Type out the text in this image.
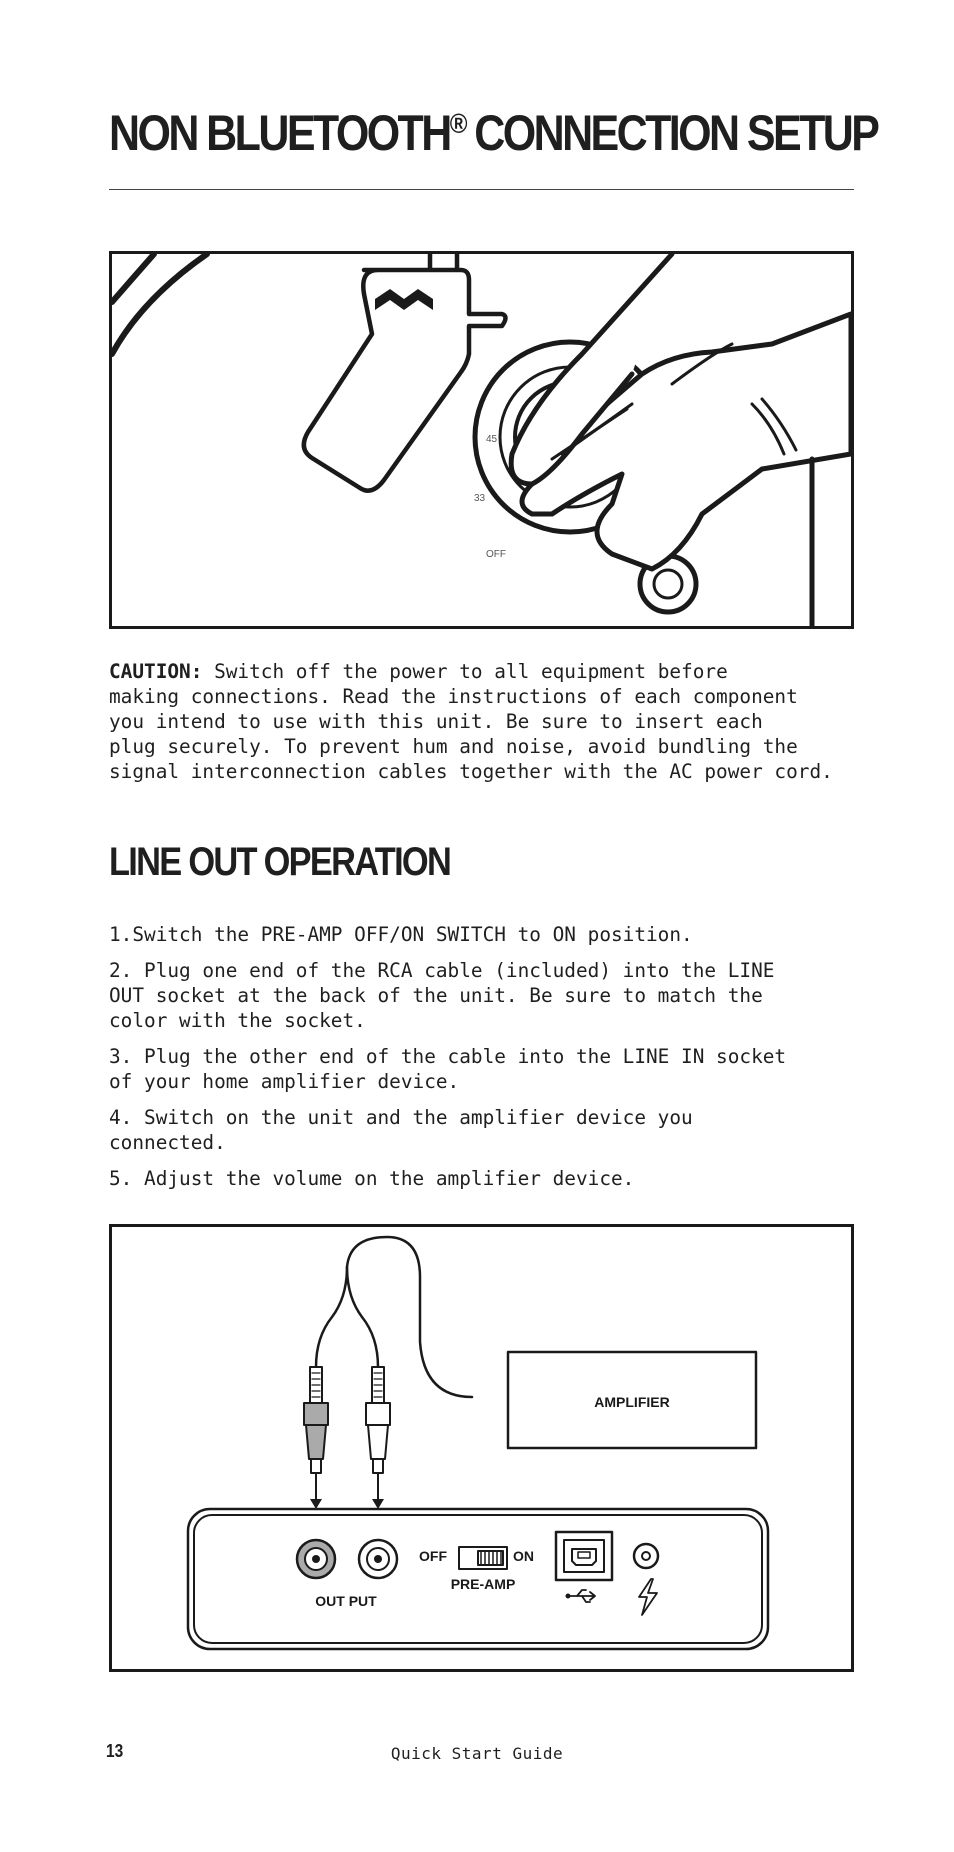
NON BLUETOOTH® CONNECTION SETUP
45
33
OFF

CAUTION: Switch off the power to all equipment before
making connections. Read the instructions of each component
you intend to use with this unit. Be sure to insert each
plug securely. To prevent hum and noise, avoid bundling the
signal interconnection cables together with the AC power cord.

LINE OUT OPERATION
1.Switch the PRE-AMP OFF/ON SWITCH to ON position.
2. Plug one end of the RCA cable (included) into the LINE
OUT socket at the back of the unit. Be sure to match the
color with the socket.
3. Plug the other end of the cable into the LINE IN socket
of your home amplifier device.
4. Switch on the unit and the amplifier device you
connected.
5. Adjust the volume on the amplifier device.
AMPLIFIER
OUT PUT
OFF	ON
PRE-AMP
13	Quick Start Guide
